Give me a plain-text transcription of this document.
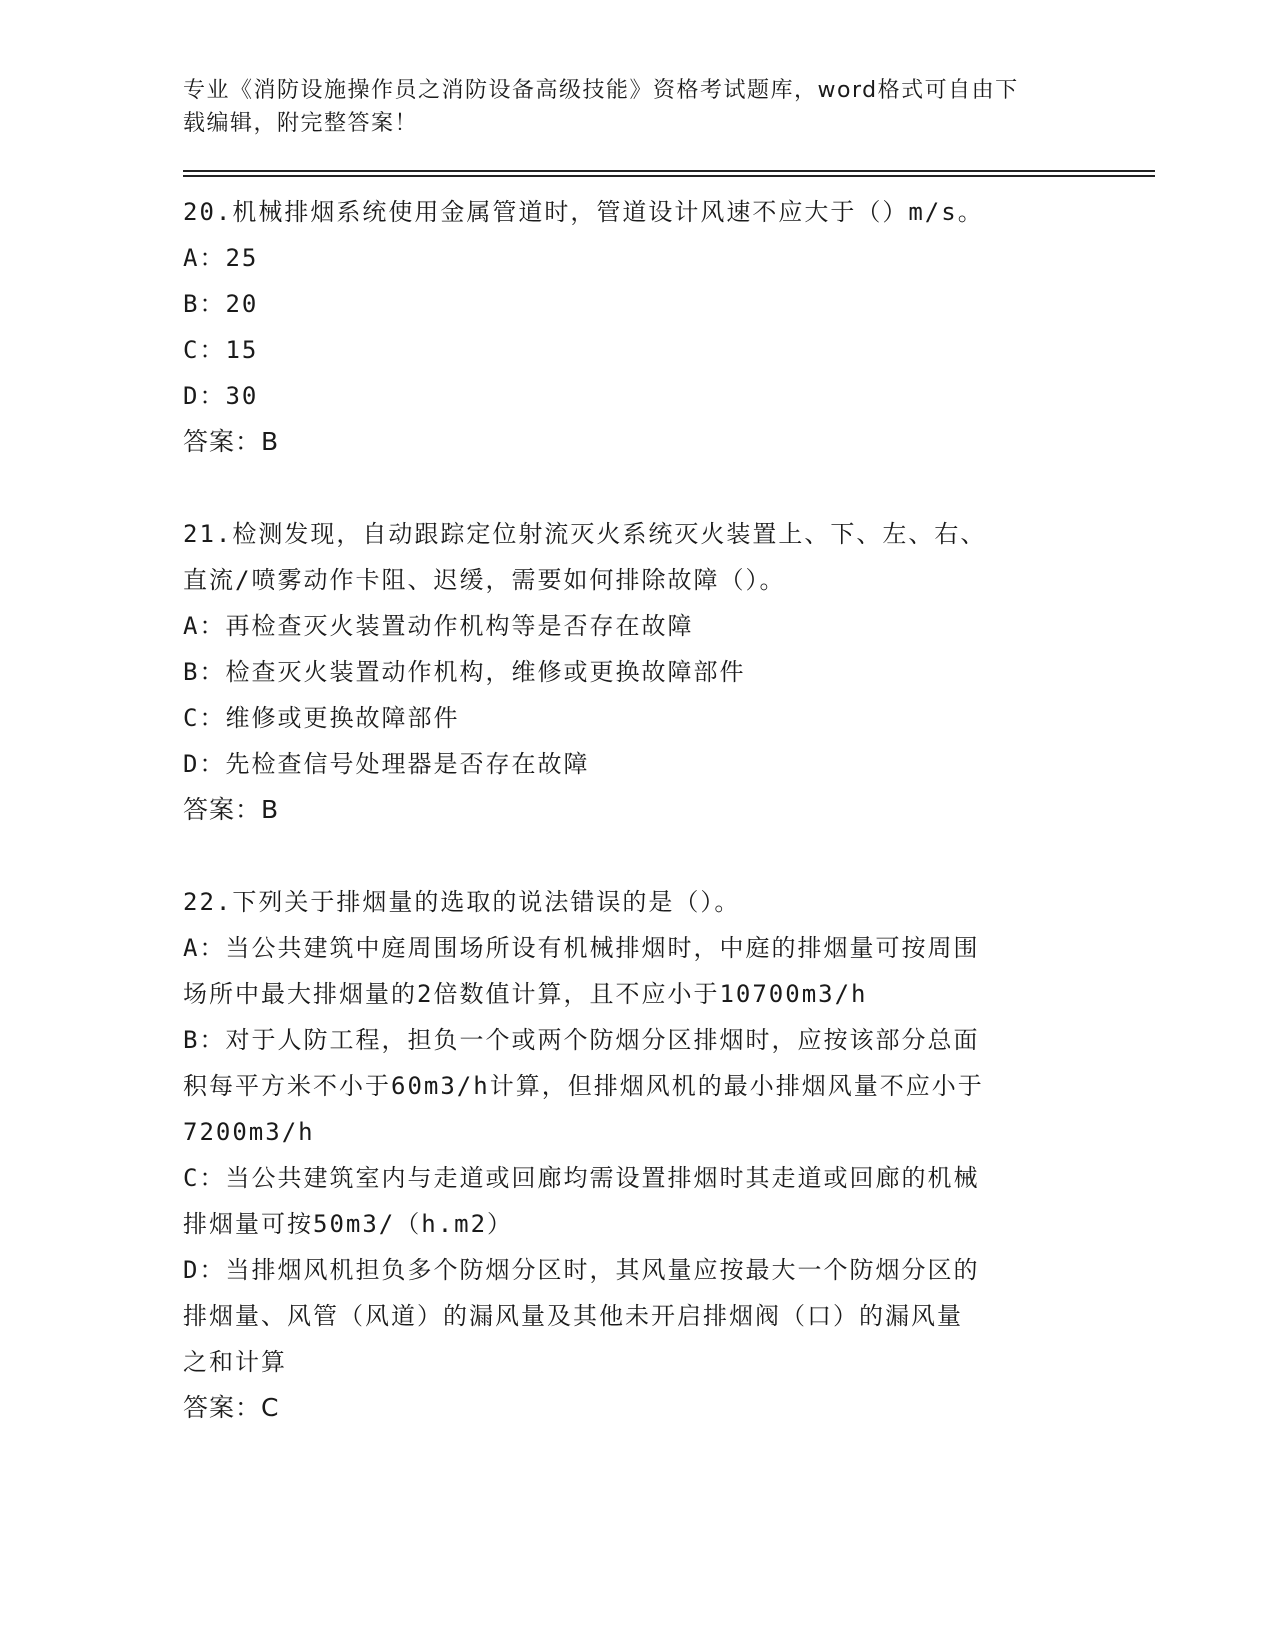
专业《消防设施操作员之消防设备高级技能》资格考试题库，word格式可自由下
载编辑，附完整答案！
20.机械排烟系统使用金属管道时，管道设计风速不应大于（）m/s。
A：25
B：20
C：15
D：30
答案：B
21.检测发现，自动跟踪定位射流灭火系统灭火装置上、下、左、右、
直流/喷雾动作卡阻、迟缓，需要如何排除故障（）。
A：再检查灭火装置动作机构等是否存在故障
B：检查灭火装置动作机构，维修或更换故障部件
C：维修或更换故障部件
D：先检查信号处理器是否存在故障
答案：B
22.下列关于排烟量的选取的说法错误的是（）。
A：当公共建筑中庭周围场所设有机械排烟时，中庭的排烟量可按周围
场所中最大排烟量的2倍数值计算，且不应小于10700m3/h
B：对于人防工程，担负一个或两个防烟分区排烟时，应按该部分总面
积每平方米不小于60m3/h计算，但排烟风机的最小排烟风量不应小于
7200m3/h
C：当公共建筑室内与走道或回廊均需设置排烟时其走道或回廊的机械
排烟量可按50m3/（h.m2）
D：当排烟风机担负多个防烟分区时，其风量应按最大一个防烟分区的
排烟量、风管（风道）的漏风量及其他未开启排烟阀（口）的漏风量
之和计算
答案：C
